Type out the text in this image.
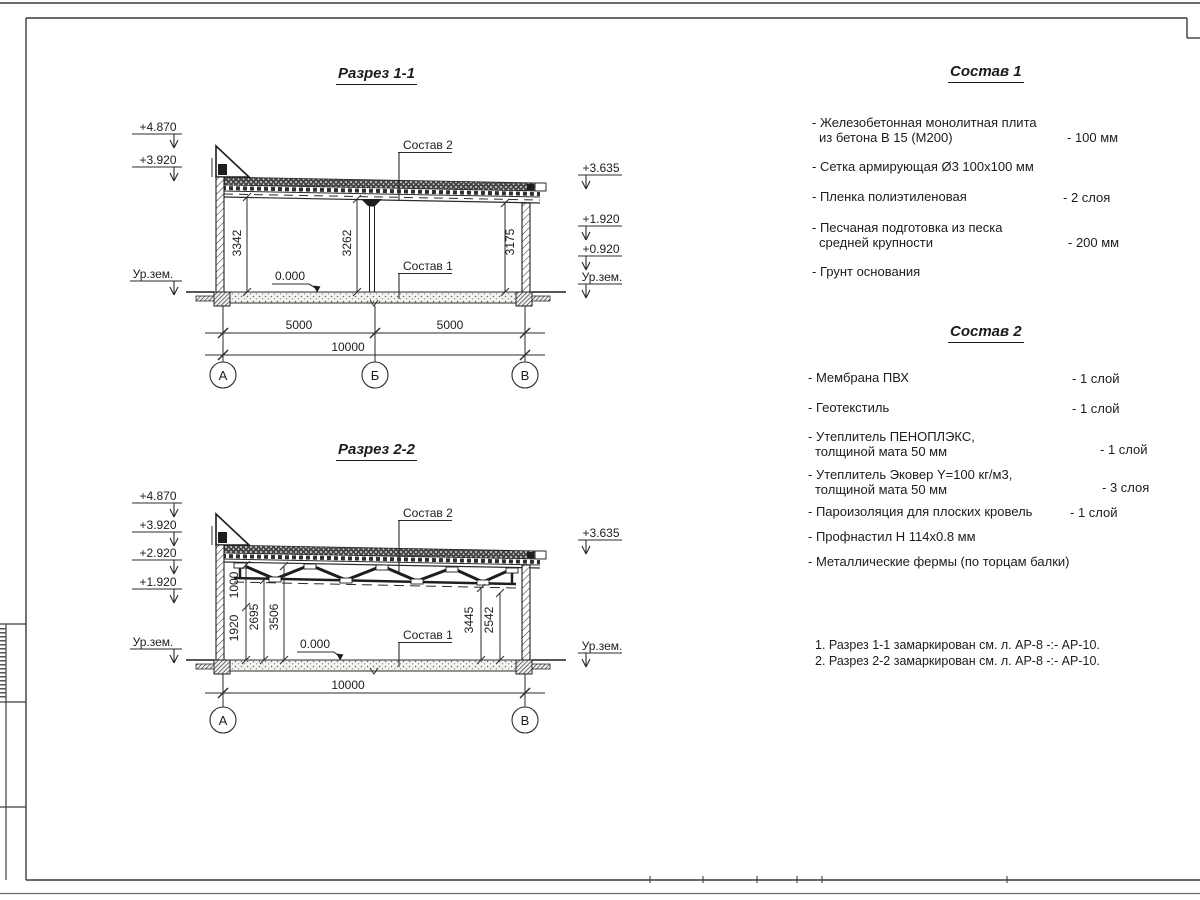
3342	3262	3175
0.000
Состав 2
Состав 1
+4.870
+3.920
Ур.зем.
+3.635
+1.920
+0.920
Ур.зем.
5000	5000
10000
А	Б	В
1000
1920 2695 3506	3445 2542
0.000
Состав 2
Состав 1
+4.870
+3.920
+2.920
+1.920
Ур.зем.
+3.635
Ур.зем.
10000
А	В
Разрез 1-1
Разрез 2-2
Состав 1
Состав 2
- Железобетонная монолитная плита
из бетона В 15 (М200)	- 100 мм
- Сетка армирующая Ø3 100х100 мм
- Пленка полиэтиленовая	- 2 слоя
- Песчаная подготовка из песка
средней крупности	- 200 мм
- Грунт основания
- Мембрана ПВХ	- 1 слой
- Геотекстиль	- 1 слой
- Утеплитель ПЕНОПЛЭКС,
толщиной мата 50 мм	- 1 слой
- Утеплитель Эковер Y=100 кг/м3,
толщиной мата 50 мм	- 3 слоя
- Пароизоляция для плоских кровель	- 1 слой
- Профнастил Н 114х0.8 мм
- Металлические фермы (по торцам балки)
1. Разрез 1-1 замаркирован см. л. АР-8 -:- АР-10.
2. Разрез 2-2 замаркирован см. л. АР-8 -:- АР-10.
